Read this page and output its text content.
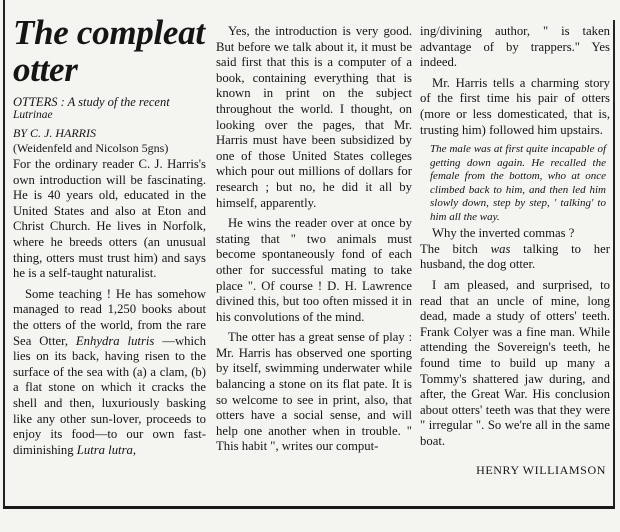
The compleat otter

OTTERS : A study of the recent

Lutrinae

BY C. J. HARRIS

(Weidenfeld and Nicolson 5gns)

For the ordinary reader C. J. Harris's own introduction will be fascinating. He is 40 years old, educated in the United States and also at Eton and Christ Church. He lives in Norfolk, where he breeds otters (an unusual thing, otters must trust him) and says he is a self-taught naturalist.

Some teaching ! He has somehow managed to read 1,250 books about the otters of the world, from the rare Sea Otter, Enhydra lutris —which lies on its back, having risen to the surface of the sea with (a) a clam, (b) a flat stone on which it cracks the shell and then, luxuriously basking like any other sun-lover, proceeds to enjoy its food—to our own fast-diminishing Lutra lutra,

Yes, the introduction is very good. But before we talk about it, it must be said first that this is a computer of a book, containing everything that is known in print on the subject throughout the world. I thought, on looking over the pages, that Mr. Harris must have been subsidized by one of those United States colleges which pour out millions of dollars for research ; but no, he did it all by himself, apparently.

He wins the reader over at once by stating that " two animals must become spontaneously fond of each other for successful mating to take place ". Of course ! D. H. Lawrence divined this, but too often missed it in his convolutions of the mind.

The otter has a great sense of play : Mr. Harris has observed one sporting by itself, swimming underwater while balancing a stone on its flat pate. It is so welcome to see in print, also, that otters have a social sense, and will help one another when in trouble. " This habit ", writes our comput-

ing/divining author, " is taken advantage of by trappers." Yes indeed.

Mr. Harris tells a charming story of the first time his pair of otters (more or less domesticated, that is, trusting him) followed him upstairs.

The male was at first quite incapable of getting down again. He recalled the female from the bottom, who at once climbed back to him, and then led him slowly down, step by step, ' talking' to him all the way.

Why the inverted commas ?

The bitch was talking to her husband, the dog otter.

I am pleased, and surprised, to read that an uncle of mine, long dead, made a study of otters' teeth. Frank Colyer was a fine man. While attending the Sovereign's teeth, he found time to build up many a Tommy's shattered jaw during, and after, the Great War. His conclusion about otters' teeth was that they were " irregular ". So we're all in the same boat.

HENRY WILLIAMSON
